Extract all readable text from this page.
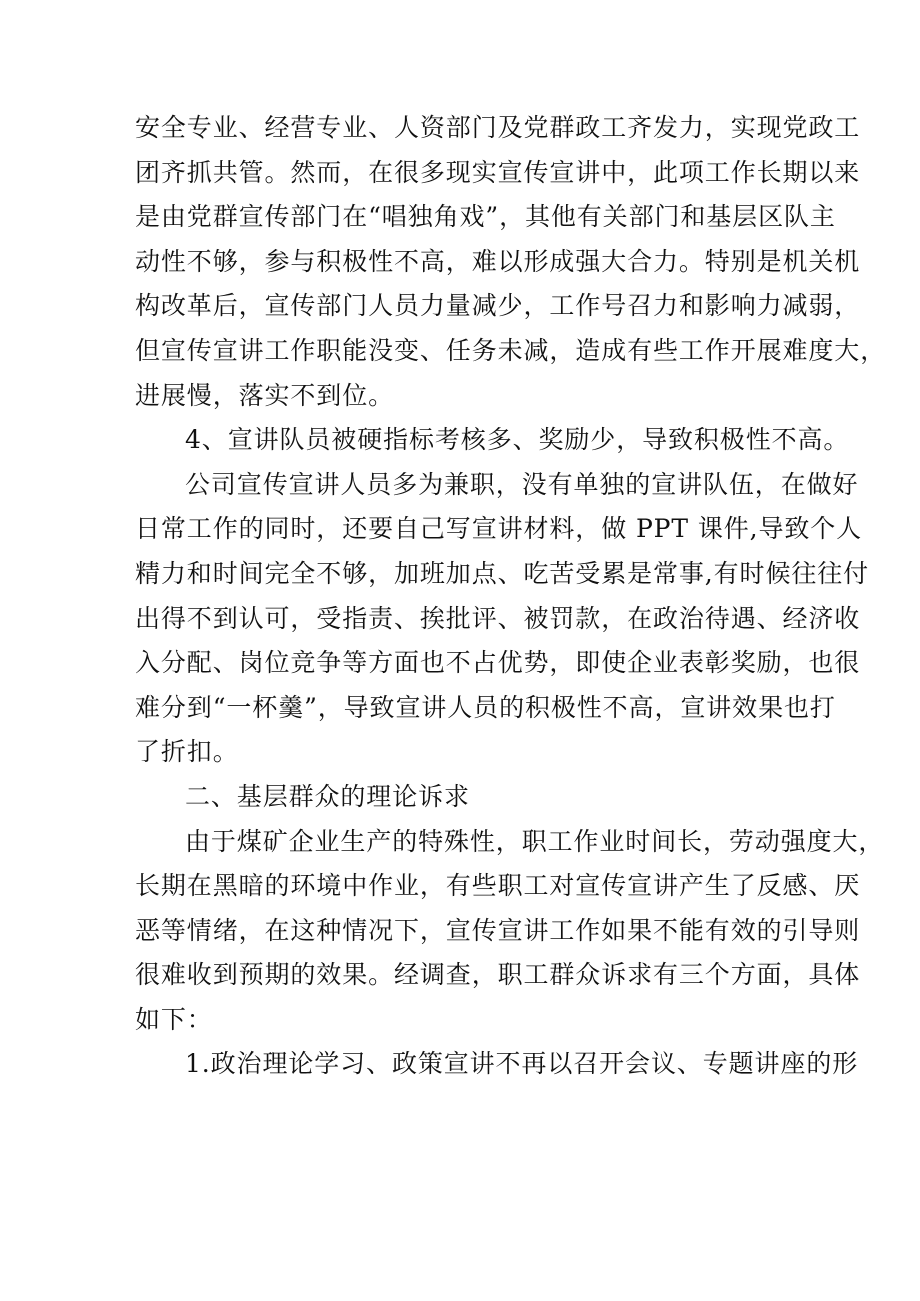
安全专业、经营专业、人资部门及党群政工齐发力，实现党政工
团齐抓共管。然而，在很多现实宣传宣讲中，此项工作长期以来
是由党群宣传部门在“唱独角戏”，其他有关部门和基层区队主
动性不够，参与积极性不高，难以形成强大合力。特别是机关机
构改革后，宣传部门人员力量减少，工作号召力和影响力减弱，
但宣传宣讲工作职能没变、任务未减，造成有些工作开展难度大，
进展慢，落实不到位。
4、宣讲队员被硬指标考核多、奖励少，导致积极性不高。
公司宣传宣讲人员多为兼职，没有单独的宣讲队伍，在做好
日常工作的同时，还要自己写宣讲材料，做 PPT 课件,导致个人
精力和时间完全不够，加班加点、吃苦受累是常事,有时候往往付
出得不到认可，受指责、挨批评、被罚款，在政治待遇、经济收
入分配、岗位竞争等方面也不占优势，即使企业表彰奖励，也很
难分到“一杯羹”，导致宣讲人员的积极性不高，宣讲效果也打
了折扣。
二、基层群众的理论诉求
由于煤矿企业生产的特殊性，职工作业时间长，劳动强度大，
长期在黑暗的环境中作业，有些职工对宣传宣讲产生了反感、厌
恶等情绪，在这种情况下，宣传宣讲工作如果不能有效的引导则
很难收到预期的效果。经调查，职工群众诉求有三个方面，具体
如下：
1.政治理论学习、政策宣讲不再以召开会议、专题讲座的形
